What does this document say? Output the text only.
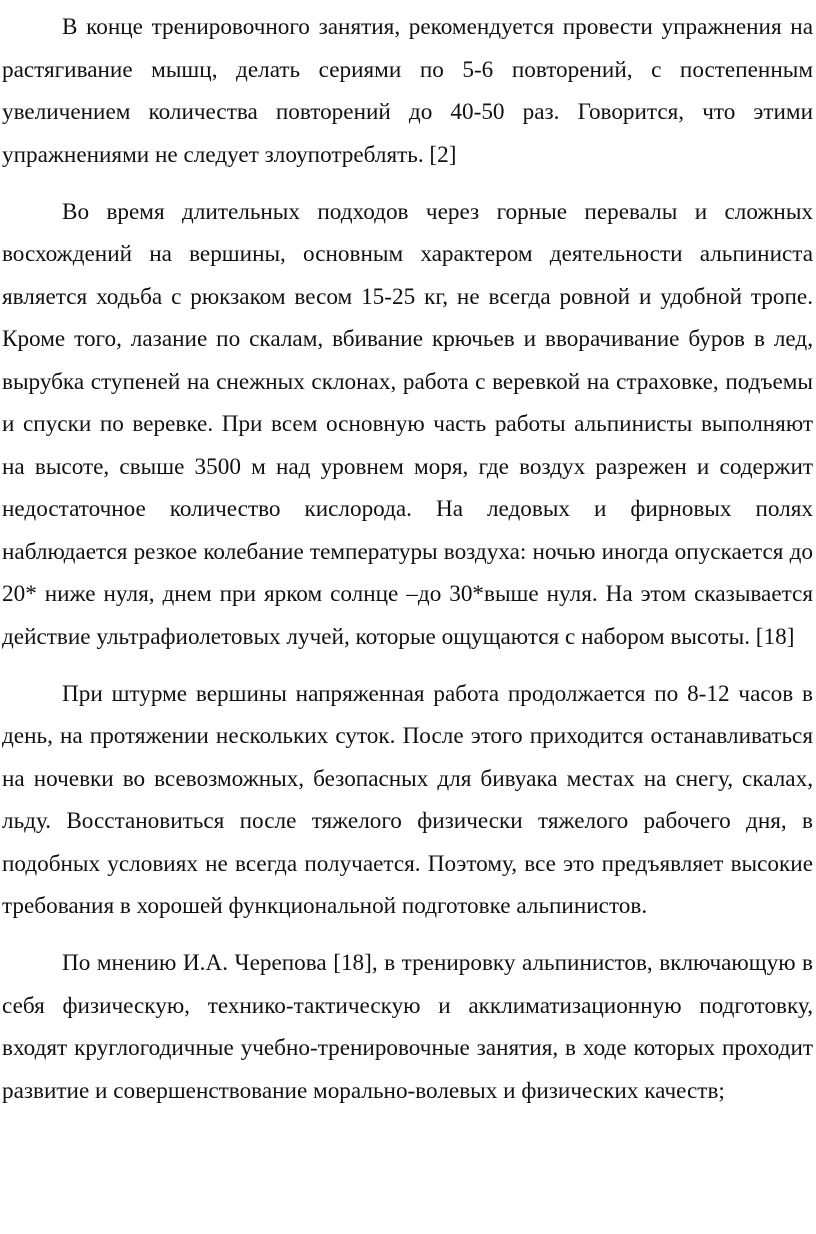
В конце тренировочного занятия, рекомендуется провести упражнения на растягивание мышц, делать сериями по 5-6 повторений, с постепенным увеличением количества повторений до 40-50 раз. Говорится, что этими упражнениями не следует злоупотреблять. [2]

Во время длительных подходов через горные перевалы и сложных восхождений на вершины, основным характером деятельности альпиниста является ходьба с рюкзаком весом 15-25 кг, не всегда ровной и удобной тропе. Кроме того, лазание по скалам, вбивание крючьев и вворачивание буров в лед, вырубка ступеней на снежных склонах, работа с веревкой на страховке, подъемы и спуски по веревке. При всем основную часть работы альпинисты выполняют на высоте, свыше 3500 м над уровнем моря, где воздух разрежен и содержит недостаточное количество кислорода. На ледовых и фирновых полях наблюдается резкое колебание температуры воздуха: ночью иногда опускается до 20* ниже нуля, днем при ярком солнце –до 30*выше нуля. На этом сказывается действие ультрафиолетовых лучей, которые ощущаются с набором высоты. [18]

При штурме вершины напряженная работа продолжается по 8-12 часов в день, на протяжении нескольких суток. После этого приходится останавливаться на ночевки во всевозможных, безопасных для бивуака местах на снегу, скалах, льду. Восстановиться после тяжелого физически тяжелого рабочего дня, в подобных условиях не всегда получается. Поэтому, все это предъявляет высокие требования в хорошей функциональной подготовке альпинистов.

По мнению И.А. Черепова [18], в тренировку альпинистов, включающую в себя физическую, технико-тактическую и акклиматизационную подготовку, входят круглогодичные учебно-тренировочные занятия, в ходе которых проходит развитие и совершенствование морально-волевых и физических качеств;
